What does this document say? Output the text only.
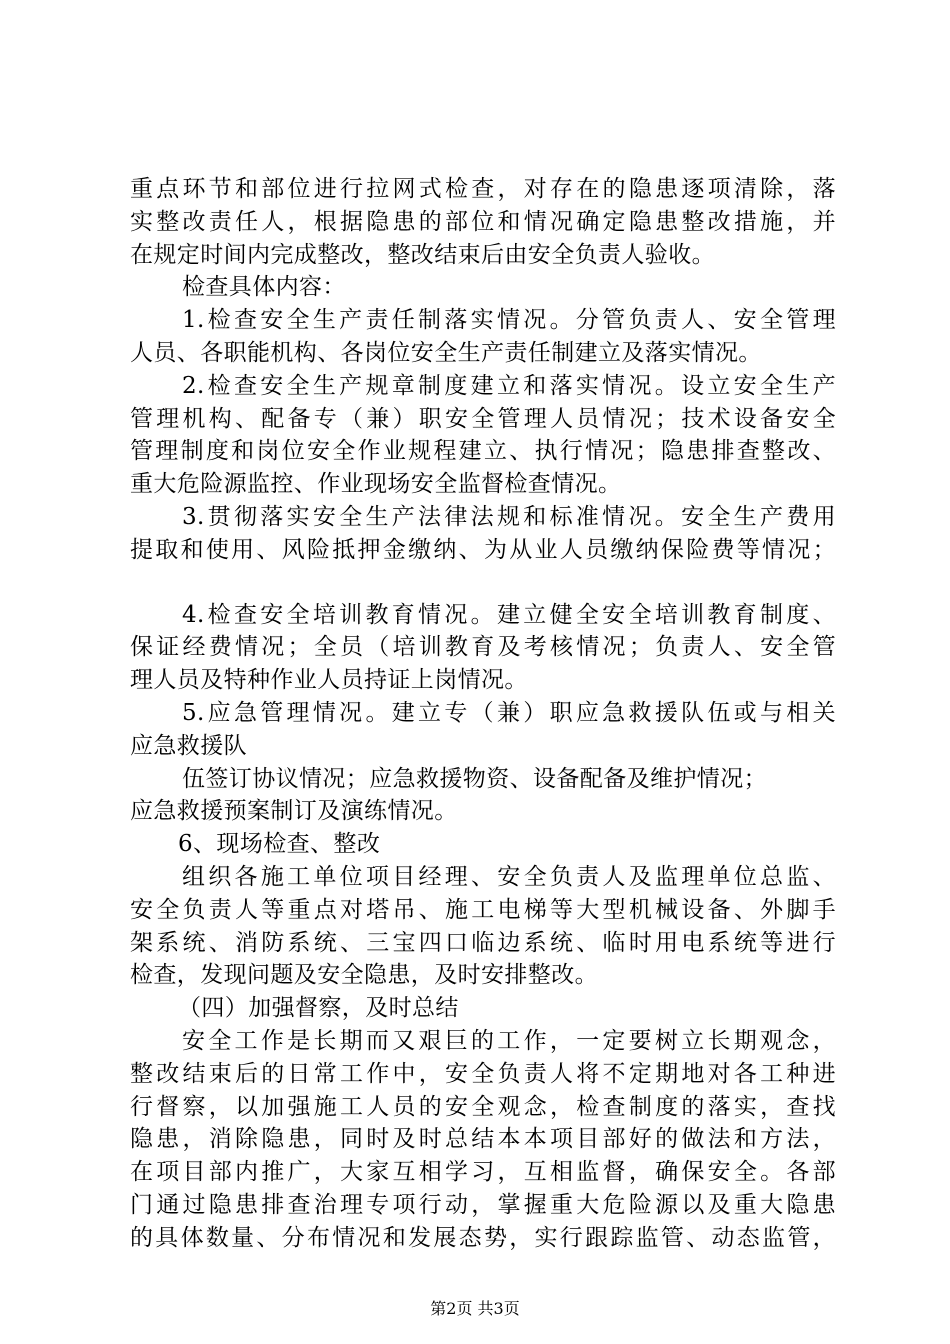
重点环节和部位进行拉网式检查，对存在的隐患逐项清除，落
实整改责任人，根据隐患的部位和情况确定隐患整改措施，并
在规定时间内完成整改，整改结束后由安全负责人验收。
检查具体内容：
1.检查安全生产责任制落实情况。分管负责人、安全管理
人员、各职能机构、各岗位安全生产责任制建立及落实情况。
2.检查安全生产规章制度建立和落实情况。设立安全生产
管理机构、配备专（兼）职安全管理人员情况；技术设备安全
管理制度和岗位安全作业规程建立、执行情况；隐患排查整改、
重大危险源监控、作业现场安全监督检查情况。
3.贯彻落实安全生产法律法规和标准情况。安全生产费用
提取和使用、风险抵押金缴纳、为从业人员缴纳保险费等情况；
4.检查安全培训教育情况。建立健全安全培训教育制度、
保证经费情况；全员（培训教育及考核情况；负责人、安全管
理人员及特种作业人员持证上岗情况。
5.应急管理情况。建立专（兼）职应急救援队伍或与相关
应急救援队
伍签订协议情况；应急救援物资、设备配备及维护情况；
应急救援预案制订及演练情况。
6、现场检查、整改
组织各施工单位项目经理、安全负责人及监理单位总监、
安全负责人等重点对塔吊、施工电梯等大型机械设备、外脚手
架系统、消防系统、三宝四口临边系统、临时用电系统等进行
检查，发现问题及安全隐患，及时安排整改。
（四）加强督察，及时总结
安全工作是长期而又艰巨的工作，一定要树立长期观念，
整改结束后的日常工作中，安全负责人将不定期地对各工种进
行督察，以加强施工人员的安全观念，检查制度的落实，查找
隐患，消除隐患，同时及时总结本本项目部好的做法和方法，
在项目部内推广，大家互相学习，互相监督，确保安全。各部
门通过隐患排查治理专项行动，掌握重大危险源以及重大隐患
的具体数量、分布情况和发展态势，实行跟踪监管、动态监管，
第2页 共3页
